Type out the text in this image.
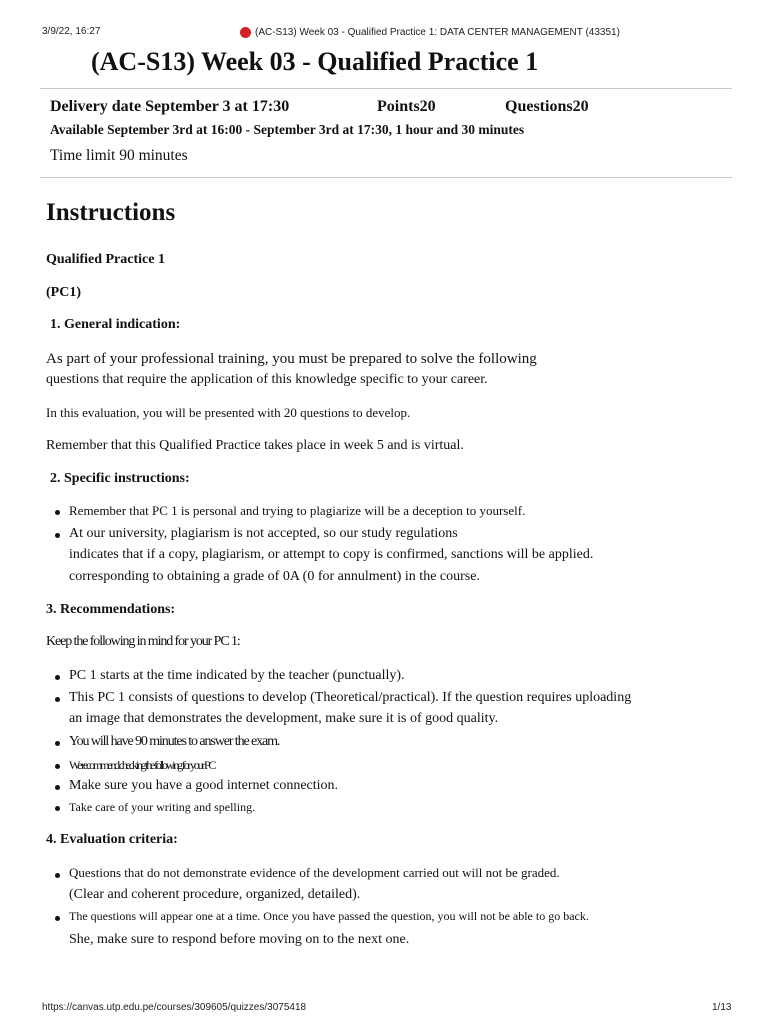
3/9/22, 16:27	(AC-S13) Week 03 - Qualified Practice 1: DATA CENTER MANAGEMENT (43351)
(AC-S13) Week 03 - Qualified Practice 1
Delivery date September 3 at 17:30	Points20	Questions20
Available September 3rd at 16:00 - September 3rd at 17:30, 1 hour and 30 minutes
Time limit 90 minutes
Instructions
Qualified Practice 1
(PC1)
1. General indication:
As part of your professional training, you must be prepared to solve the following
questions that require the application of this knowledge specific to your career.
In this evaluation, you will be presented with 20 questions to develop.
Remember that this Qualified Practice takes place in week 5 and is virtual.
2. Specific instructions:
Remember that PC 1 is personal and trying to plagiarize will be a deception to yourself.
At our university, plagiarism is not accepted, so our study regulations
indicates that if a copy, plagiarism, or attempt to copy is confirmed, sanctions will be applied.
corresponding to obtaining a grade of 0A (0 for annulment) in the course.
3. Recommendations:
Keep the following in mind for your PC 1:
PC 1 starts at the time indicated by the teacher (punctually).
This PC 1 consists of questions to develop (Theoretical/practical). If the question requires uploading
an image that demonstrates the development, make sure it is of good quality.
You will have 90 minutes to answer the exam.
We recommend checking the following for your PC
Make sure you have a good internet connection.
Take care of your writing and spelling.
4. Evaluation criteria:
Questions that do not demonstrate evidence of the development carried out will not be graded.
(Clear and coherent procedure, organized, detailed).
The questions will appear one at a time. Once you have passed the question, you will not be able to go back.
She, make sure to respond before moving on to the next one.
https://canvas.utp.edu.pe/courses/309605/quizzes/3075418	1/13
